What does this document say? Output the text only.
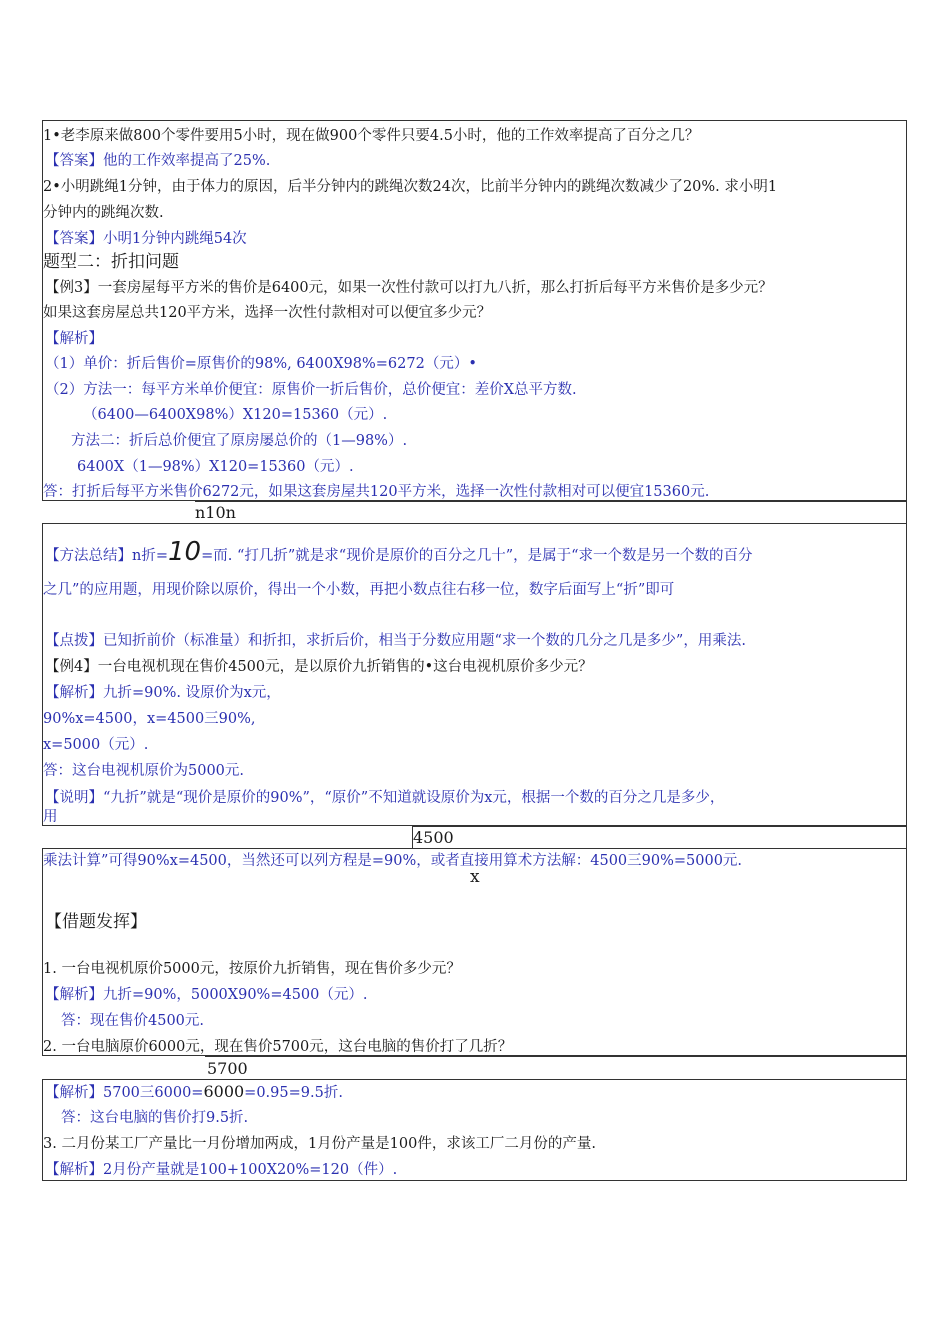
1•老李原来做800个零件要用5小时，现在做900个零件只要4.5小时，他的工作效率提高了百分之几？
【答案】他的工作效率提高了25%.
2•小明跳绳1分钟，由于体力的原因，后半分钟内的跳绳次数24次，比前半分钟内的跳绳次数减少了20%. 求小明1
分钟内的跳绳次数.
【答案】小明1分钟内跳绳54次
题型二：折扣问题
【例3】一套房屋每平方米的售价是6400元，如果一次性付款可以打九八折，那么打折后每平方米售价是多少元？
如果这套房屋总共120平方米，选择一次性付款相对可以便宜多少元？
【解析】
（1）单价：折后售价=原售价的98%, 6400X98%=6272（元）•
（2）方法一：每平方米单价便宜：原售价一折后售价，总价便宜：差价X总平方数.
（6400—6400X98%）X120=15360（元）.
方法二：折后总价便宜了原房屡总价的（1—98%）.
6400X（1—98%）X120=15360（元）.
答：打折后每平方米售价6272元，如果这套房屋共120平方米，选择一次性付款相对可以便宜15360元.
n10n
【方法总结】n折=10=而. “打几折”就是求“现价是原价的百分之几十”，是属于“求一个数是另一个数的百分
之几”的应用题，用现价除以原价，得出一个小数，再把小数点往右移一位，数字后面写上“折”即可
【点拨】已知折前价（标准量）和折扣，求折后价，相当于分数应用题“求一个数的几分之几是多少”，用乘法.
【例4】一台电视机现在售价4500元，是以原价九折销售的•这台电视机原价多少元？
【解析】九折=90%. 设原价为x元，
90%x=4500，x=4500三90%,
x=5000（元）.
答：这台电视机原价为5000元.
【说明】“九折”就是“现价是原价的90%”，“原价”不知道就设原价为x元，根据一个数的百分之几是多少，
用
4500
乘法计算”可得90%x=4500，当然还可以列方程是=90%，或者直接用算术方法解：4500三90%=5000元.
x
【借题发挥】
1. 一台电视机原价5000元，按原价九折销售，现在售价多少元？
【解析】九折=90%，5000X90%=4500（元）.
答：现在售价4500元.
2. 一台电脑原价6000元，现在售价5700元，这台电脑的售价打了几折？
5700
【解析】5700三6000=6000=0.95=9.5折.
答：这台电脑的售价打9.5折.
3. 二月份某工厂产量比一月份增加两成，1月份产量是100件，求该工厂二月份的产量.
【解析】2月份产量就是100+100X20%=120（件）.
